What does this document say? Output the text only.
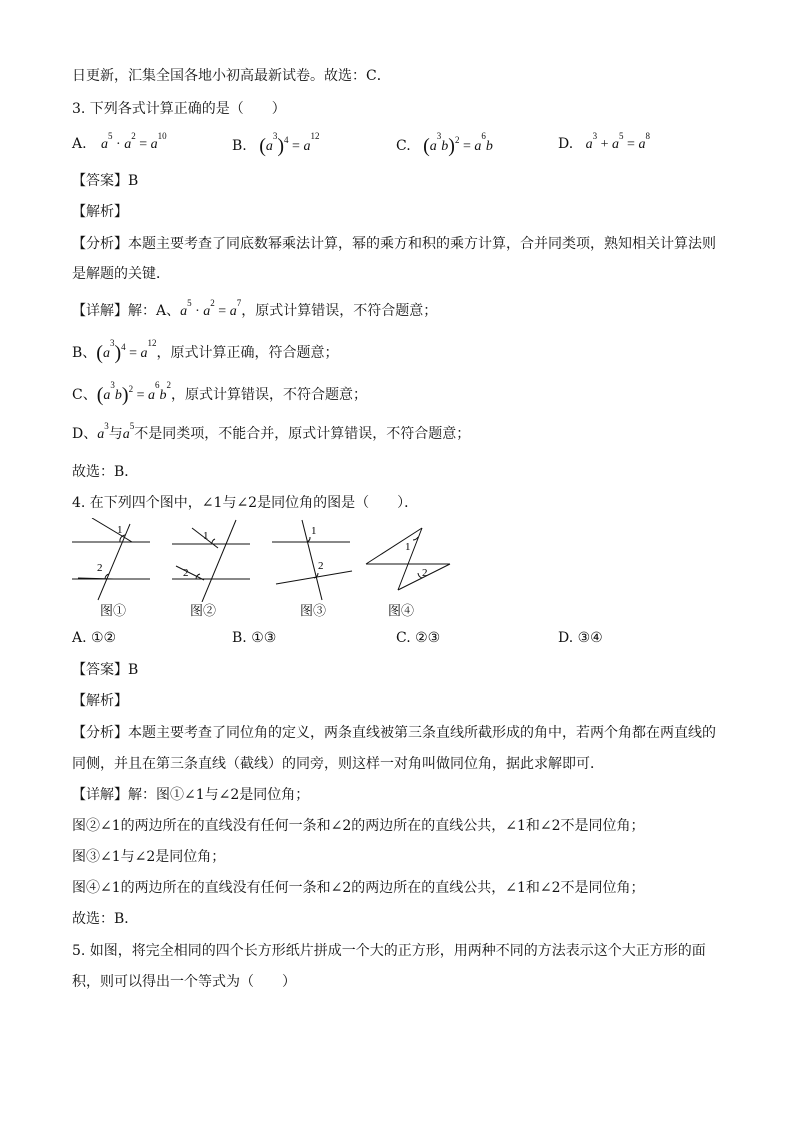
日更新，汇集全国各地小初高最新试卷。故选：C．
3. 下列各式计算正确的是（　　）
A. $a^5 \cdot a^2 = a^{10}$
B. $(a^3)^4 = a^{12}$
C. $(a^3b)^2 = a^6b$	D. $a^3 + a^5 = a^8$
【答案】B
【解析】
【分析】本题主要考查了同底数幂乘法计算，幂的乘方和积的乘方计算，合并同类项，熟知相关计算法则
是解题的关键．
【详解】解：A、$a^5 \cdot a^2 = a^7$，原式计算错误，不符合题意；
B、$(a^3)^4 = a^{12}$，原式计算正确，符合题意；
C、$(a^3b)^2 = a^6b^2$，原式计算错误，不符合题意；
D、$a^3$与$a^5$不是同类项，不能合并，原式计算错误，不符合题意；
故选：B．
4. 在下列四个图中，∠1与∠2是同位角的图是（　　）．
1
2
图①
1
2
图②
1
2
图③
1
2
图④
A. ①②	B. ①③	C. ②③	D. ③④
【答案】B
【解析】
【分析】本题主要考查了同位角的定义，两条直线被第三条直线所截形成的角中，若两个角都在两直线的
同侧，并且在第三条直线（截线）的同旁，则这样一对角叫做同位角，据此求解即可．
【详解】解：图①∠1与∠2是同位角；
图②∠1的两边所在的直线没有任何一条和∠2的两边所在的直线公共，∠1和∠2不是同位角；
图③∠1与∠2是同位角；
图④∠1的两边所在的直线没有任何一条和∠2的两边所在的直线公共，∠1和∠2不是同位角；
故选：B．
5. 如图，将完全相同的四个长方形纸片拼成一个大的正方形，用两种不同的方法表示这个大正方形的面
积，则可以得出一个等式为（　　）
